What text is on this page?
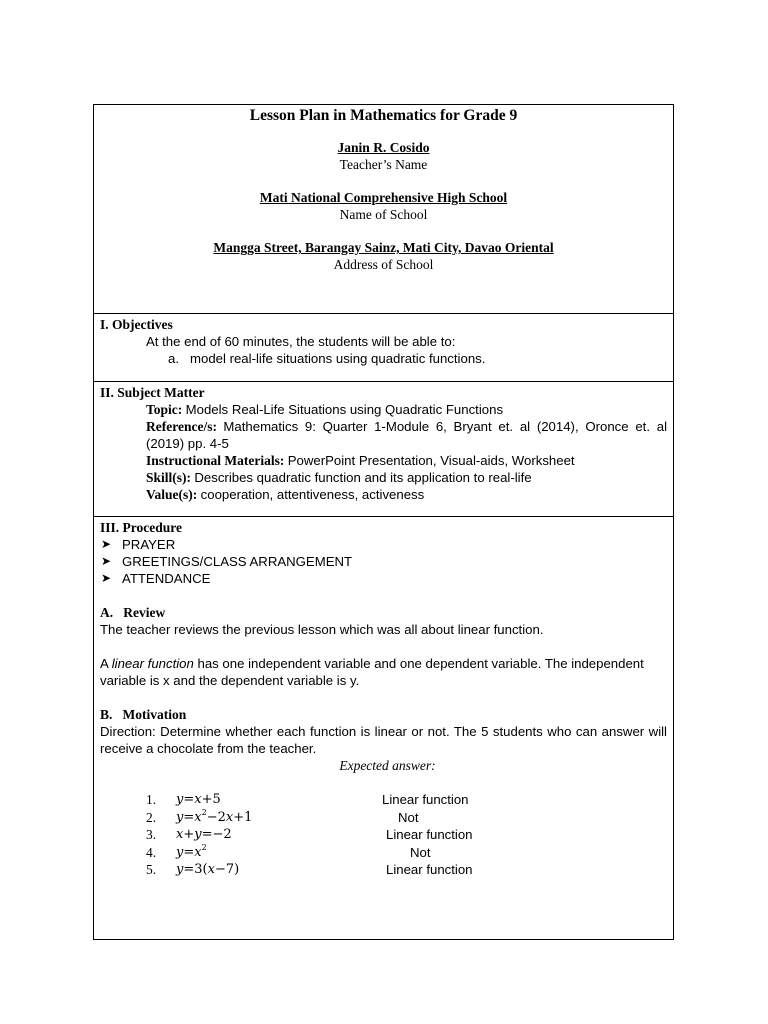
Lesson Plan in Mathematics for Grade 9
Janin R. Cosido
Teacher’s Name
Mati National Comprehensive High School
Name of School
Mangga Street, Barangay Sainz, Mati City, Davao Oriental
Address of School
I. Objectives
At the end of 60 minutes, the students will be able to:
a. model real-life situations using quadratic functions.
II. Subject Matter
Topic: Models Real-Life Situations using Quadratic Functions
Reference/s: Mathematics 9: Quarter 1-Module 6, Bryant et. al (2014), Oronce et. al (2019) pp. 4-5
Instructional Materials: PowerPoint Presentation, Visual-aids, Worksheet
Skill(s): Describes quadratic function and its application to real-life
Value(s): cooperation, attentiveness, activeness
III. Procedure
➤ PRAYER
➤ GREETINGS/CLASS ARRANGEMENT
➤ ATTENDANCE
A.   Review
The teacher reviews the previous lesson which was all about linear function.
A linear function has one independent variable and one dependent variable. The independent variable is x and the dependent variable is y.
B.   Motivation
Direction: Determine whether each function is linear or not. The 5 students who can answer will receive a chocolate from the teacher.
Expected answer:
1. y=x+5	Linear function
2. $y=x^2-2x+1$	Not
3. x+y=−2	Linear function
4. $y=x^2$	Not
5. y=3(x−7)	Linear function
